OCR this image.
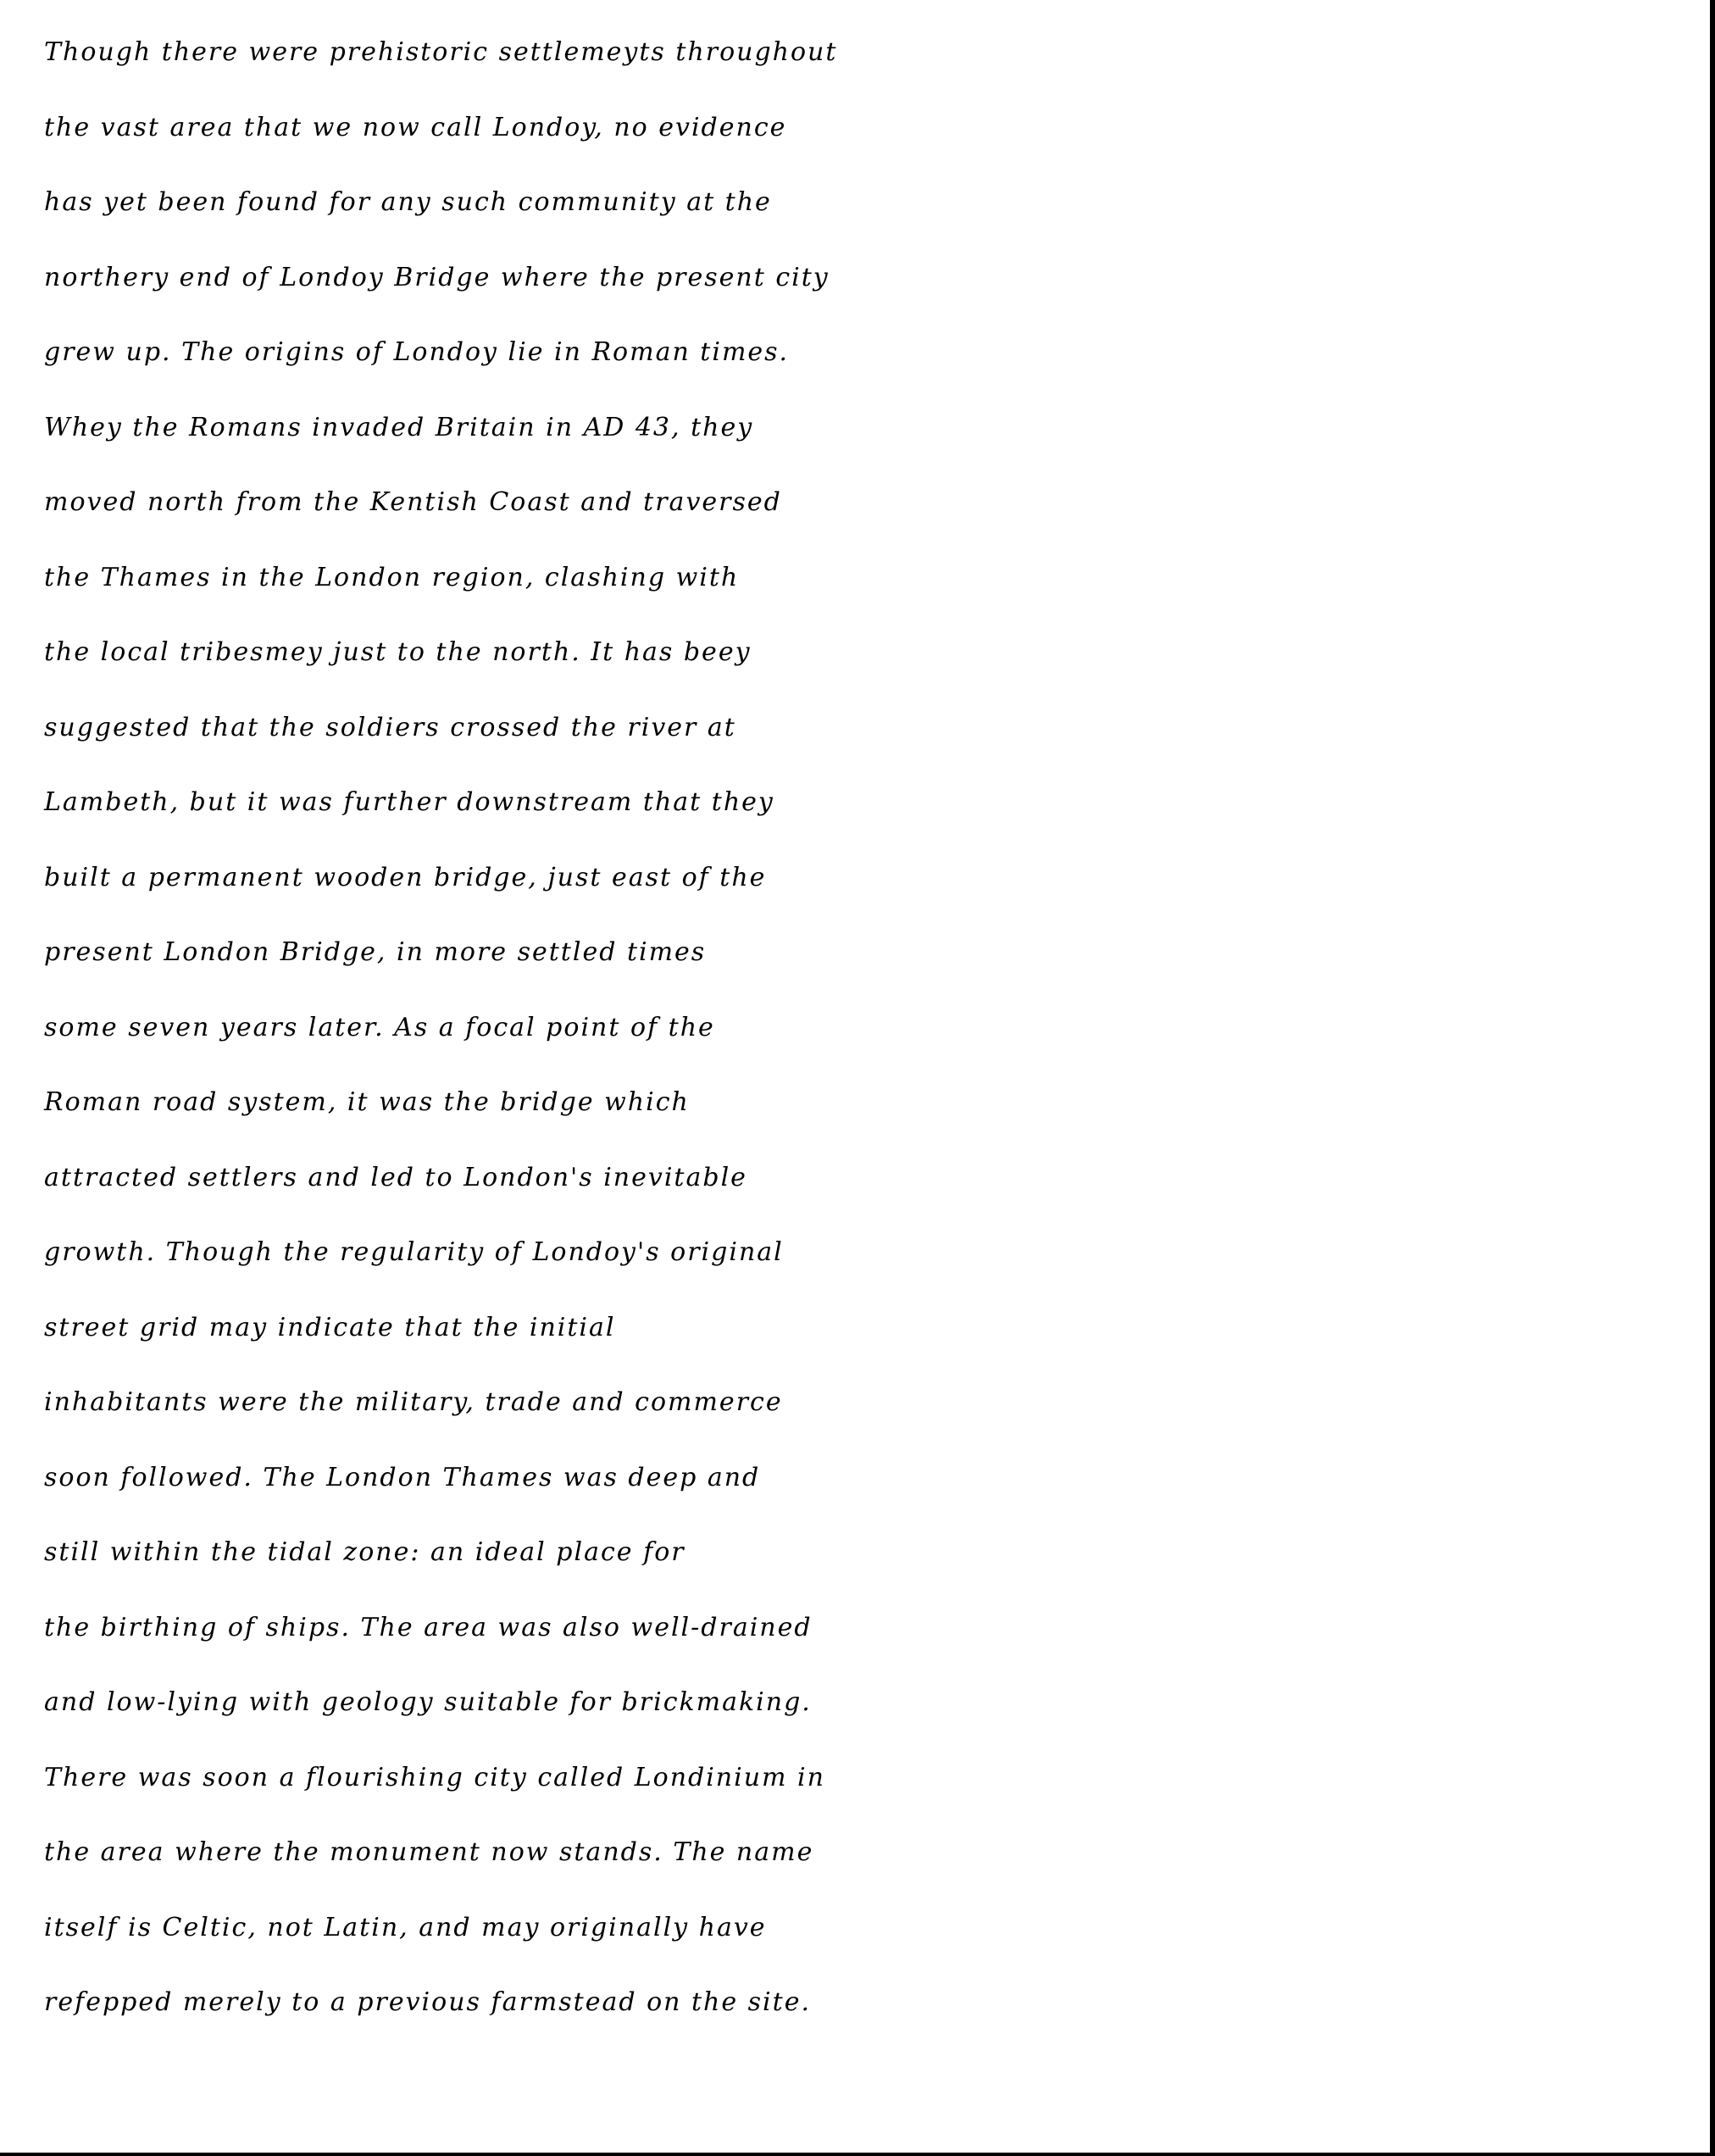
Though there were prehistoric settlemeyts throughout
the vast area that we now call Londoy, no evidence
has yet been found for any such community at the
northery end of Londoy Bridge where the present city
grew up. The origins of Londoy lie in Roman times.
Whey the Romans invaded Britain in AD 43, they
moved north from the Kentish Coast and traversed
the Thames in the London region, clashing with
the local tribesmey just to the north. It has beey
suggested that the soldiers crossed the river at
Lambeth, but it was further downstream that they
built a permanent wooden bridge, just east of the
present London Bridge, in more settled times
some seven years later. As a focal point of the
Roman road system, it was the bridge which
attracted settlers and led to London's inevitable
growth. Though the regularity of Londoy's original
street grid may indicate that the initial
inhabitants were the military, trade and commerce
soon followed. The London Thames was deep and
still within the tidal zone: an ideal place for
the birthing of ships. The area was also well-drained
and low-lying with geology suitable for brickmaking.
There was soon a flourishing city called Londinium in
the area where the monument now stands. The name
itself is Celtic, not Latin, and may originally have
refepped merely to a previous farmstead on the site.
